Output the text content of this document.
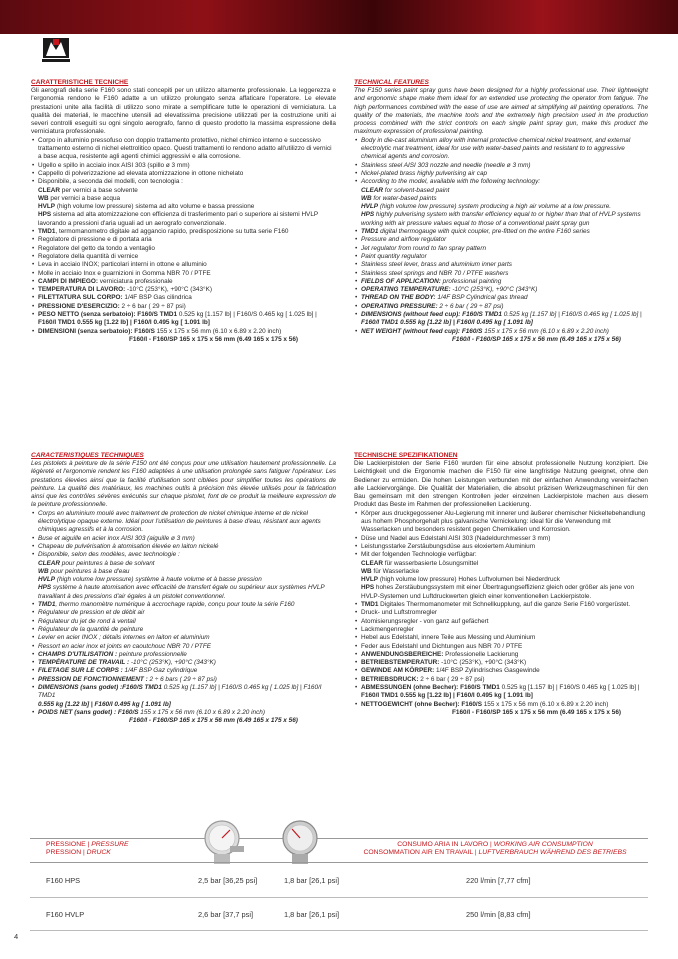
CARATTERISTICHE TECNICHE

Gli aerografi della serie F160 sono stati concepiti per un utilizzo altamente professionale. La leggerezza e l'ergonomia rendono le F160 adatte a un utilizzo prolungato senza affaticare l'operatore. Le elevate prestazioni unite alla facilità di utilizzo sono mirate a semplificare tutte le operazioni di verniciatura. La qualità dei materiali, le macchine utensili ad elevatissima precisione utilizzati per la costruzione uniti ai severi controlli eseguiti su ogni singolo aerografo, fanno di questo prodotto la massima espressione della verniciatura professionale.

• Corpo in alluminio pressofuso con doppio trattamento protettivo, nichel chimico interno e successivo trattamento esterno di nichel elettrolitico opaco. Questi trattamenti lo rendono adatto all'utilizzo di vernici a base acqua, resistente agli agenti chimici aggressivi e alla corrosione.
• Ugello e spillo in acciaio inox AISI 303 (spillo ø 3 mm)
• Cappello di polverizzazione ad elevata atomizzazione in ottone nichelato
• Disponibile, a seconda dei modelli, con tecnologia :
CLEAR per vernici a base solvente
WB per vernici a base acqua
HVLP (high volume low pressure) sistema ad alto volume e bassa pressione
HPS sistema ad alta atomizzazione con efficienza di trasferimento pari o superiore ai sistemi HVLP lavorando a pressioni d'aria uguali ad un aerografo convenzionale.
• TMD1, termomanometro digitale ad aggancio rapido, predisposizione su tutta serie F160
• Regolatore di pressione e di portata aria
• Regolatore del getto da tondo a ventaglio
• Regolatore della quantità di vernice
• Leva in acciaio INOX; particolari interni in ottone e alluminio
• Molle in acciaio Inox e guarnizioni in Gomma NBR 70 / PTFE
• CAMPI DI IMPIEGO: verniciatura professionale
• TEMPERATURA DI LAVORO: -10°C (253°K), +90°C (343°K)
• FILETTATURA SUL CORPO: 1/4F BSP Gas cilindrica
• PRESSIONE D'ESERCIZIO: 2 ÷ 6 bar ( 29 ÷ 87 psi)
• PESO NETTO (senza serbatoio): F160/S TMD1 0.525 kg [1.157 lb] | F160/S 0.465 kg [ 1.025 lb] |
F160/I TMD1 0.555 kg [1.22 lb] | F160/I 0.495 kg [ 1.091 lb]
• DIMENSIONI (senza serbatoio): F160/S 155 x 175 x 56 mm (6.10 x 6.89 x 2.20 inch)
F160/I - F160/SP 165 x 175 x 56 mm (6.49 165 x 175 x 56)
TECHNICAL FEATURES

The F150 series paint spray guns have been designed for a highly professional use. Their lightweight and ergonomic shape make them ideal for an extended use protecting the operator from fatigue. The high performances combined with the ease of use are aimed at simplifying all painting operations. The quality of the materials, the machine tools and the extremely high precision used in the production process combined with the strict controls on each single paint spray gun, make this product the maximum expression of professional painting.

• Body in die-cast aluminium alloy with internal protective chemical nickel treatment, and external electrolytic mat treatment, ideal for use with water-based paints and resistant to to aggressive chemical agents and corrosion.
• Stainless steel AISI 303 nozzle and needle (needle ø 3 mm)
• Nickel-plated brass highly pulverising air cap
• According to the model, available with the following technology:
CLEAR for solvent-based paint
WB for water-based paints
HVLP (high volume low pressure) system producing a high air volume at a low pressure.
HPS highly pulverising system with transfer efficiency equal to or higher than that of HVLP systems working with air pressure values equal to those of a conventional paint spray gun
• TMD1 digital thermogauge with quick coupler, pre-fitted on the entire F160 series
• Pressure and airflow regulator
• Jet regulator from round to fan spray pattern
• Paint quantity regulator
• Stainless steel lever, brass and aluminium inner parts
• Stainless steel springs and NBR 70 / PTFE washers
• FIELDS OF APPLICATION: professional painting
• OPERATING TEMPERATURE: -10°C (253°K), +90°C (343°K)
• THREAD ON THE BODY: 1/4F BSP Cylindrical gas thread
• OPERATING PRESSURE: 2 ÷ 6 bar ( 29 ÷ 87 psi)
• DIMENSIONS (without feed cup): F160/S TMD1 0.525 kg [1.157 lb] | F160/S 0.465 kg [ 1.025 lb] |
F160/I TMD1 0.555 kg [1.22 lb] | F160/I 0.495 kg [ 1.091 lb]
• NET WEIGHT (without feed cup): F160/S 155 x 175 x 56 mm (6.10 x 6.89 x 2.20 inch)
F160/I - F160/SP 165 x 175 x 56 mm (6.49 165 x 175 x 56)
CARACTERISTIQUES TECHNIQUES

Les pistolets à peinture de la série F150 ont été conçus pour une utilisation hautement professionnelle. La légèreté et l'ergonomie rendent les F160 adaptées à une utilisation prolongée sans fatiguer l'opérateur. Les prestations élevées ainsi que la facilité d'utilisation sont ciblées pour simplifier toutes les opérations de peinture. La qualité des matériaux, les machines outils à précision très élevée utilisés pour la fabrication ainsi que les contrôles sévères exécutés sur chaque pistolet, font de ce produit la meilleure expression de la peinture professionnelle.

• Corps en aluminium moulé avec traitement de protection de nickel chimique interne et de nickel électrolytique opaque externe. Idéal pour l'utilisation de peintures à base d'eau, résistant aux agents chimiques agressifs et à la corrosion.
• Buse et aiguille en acier inox AISI 303 (aiguille ø 3 mm)
• Chapeau de pulvérisation à atomisation élevée en laiton nickelé
• Disponible, selon des modèles, avec technologie :
CLEAR pour peintures à base de solvant
WB pour peintures à base d'eau
HVLP (high volume low pressure) système à haute volume et à basse pression
HPS système à haute atomisation avec efficacité de transfert égale ou supérieur aux systèmes HVLP travaillant à des pressions d'air égales à un pistolet conventionnel.
• TMD1, thermo manomètre numérique à accrochage rapide, conçu pour toute la série F160
• Régulateur de pression et de débit air
• Régulateur du jet de rond à ventail
• Régulateur de la quantité de peinture
• Levier en acier INOX ; détails internes en laiton et aluminium
• Ressort en acier inox et joints en caoutchouc NBR 70 / PTFE
• CHAMPS D'UTILISATION : peinture professionnelle
• TEMPÉRATURE DE TRAVAIL : -10°C (253°K), +90°C (343°K)
• FILETAGE SUR LE CORPS : 1/4F BSP Gaz cylindrique
• PRESSION DE FONCTIONNEMENT : 2 ÷ 6 bars ( 29 ÷ 87 psi)
• DIMENSIONS (sans godet) :F160/S TMD1 0.525 kg [1.157 lb] | F160/S 0.465 kg [ 1.025 lb] | F160/I TMD1
0.555 kg [1.22 lb] | F160/I 0.495 kg [ 1.091 lb]
• POIDS NET (sans godet) : F160/S 155 x 175 x 56 mm (6.10 x 6.89 x 2.20 inch)
F160/I - F160/SP 165 x 175 x 56 mm (6.49 165 x 175 x 56)
TECHNISCHE SPEZIFIKATIONEN

Die Lackierpistolen der Serie F160 wurden für eine absolut professionelle Nutzung konzipiert. Die Leichtigkeit und die Ergonomie machen die F150 für eine langfristige Nutzung geeignet, ohne den Bediener zu ermüden. Die hohen Leistungen verbunden mit der einfachen Anwendung vereinfachen alle Lackiervorgänge. Die Qualität der Materialien, die absolut präzisen Werkzeugmaschinen für den Bau gemeinsam mit den strengen Kontrollen jeder einzelnen Lackierpistole machen aus diesem Produkt das Beste im Rahmen der professionellen Lackierung.

• Körper aus druckgegossener Alu-Legierung mit innerer und äußerer chemischer Nickeltebehandlung aus hohem Phosphorgehalt plus galvanische Vernickelung: ideal für die Verwendung mit Wasserlacken und besonders resistent gegen Chemikalien und Korrosion.
• Düse und Nadel aus Edelstahl AISI 303 (Nadeldurchmesser 3 mm)
• Leistungsstarke Zerstäubungsdüse aus eloxiertem Aluminium
• Mit der folgenden Technologie verfügbar:
CLEAR für wasserbasierte Lösungsmittel
WB für Wasserlacke
HVLP (high volume low pressure) Hohes Luftvolumen bei Niederdruck
HPS hohes Zerstäubungssystem mit einer Übertragungseffizienz gleich oder größer als jene von HVLP-Systemen und Luftdruckwerten gleich einer konventionellen Lackierpistole.
• TMD1 Digitales Thermomanometer mit Schnellkupplung, auf die ganze Serie F160 vorgerüstet.
• Druck- und Luftstromregler
• Atomisierungsregler - von ganz auf gefächert
• Lackmengenregler
• Hebel aus Edelstahl, innere Teile aus Messing und Aluminium
• Feder aus Edelstahl und Dichtungen aus NBR 70 / PTFE
• ANWENDUNGSBEREICHE: Professionelle Lackierung
• BETRIEBSTEMPERATUR: -10°C (253°K), +90°C (343°K)
• GEWINDE AM KÖRPER: 1/4F BSP Zylindrisches Gasgewinde
• BETRIEBSDRUCK: 2 ÷ 6 bar ( 29 ÷ 87 psi)
• ABMESSUNGEN (ohne Becher): F160/S TMD1 0.525 kg [1.157 lb] | F160/S 0.465 kg [ 1.025 lb] |
F160/I TMD1 0.555 kg [1.22 lb] | F160/I 0.495 kg [ 1.091 lb]
• NETTOGEWICHT (ohne Becher): F160/S 155 x 175 x 56 mm (6.10 x 6.89 x 2.20 inch)
F160/I - F160/SP 165 x 175 x 56 mm (6.49 165 x 175 x 56)
PRESSIONE | PRESSURE
PRESSION | DRUCK
CONSUMO ARIA IN LAVORO | WORKING AIR CONSUMPTION
CONSOMMATION AIR EN TRAVAIL | LUFTVERBRAUCH WÄHREND DES BETRIEBS
F160 HPS	2,5 bar [36,25 psi]	1,8 bar [26,1 psi]	220 l/min [7,77 cfm]
F160 HVLP	2,6 bar [37,7 psi]	1,8 bar [26,1 psi]	250 l/min [8,83 cfm]
4
